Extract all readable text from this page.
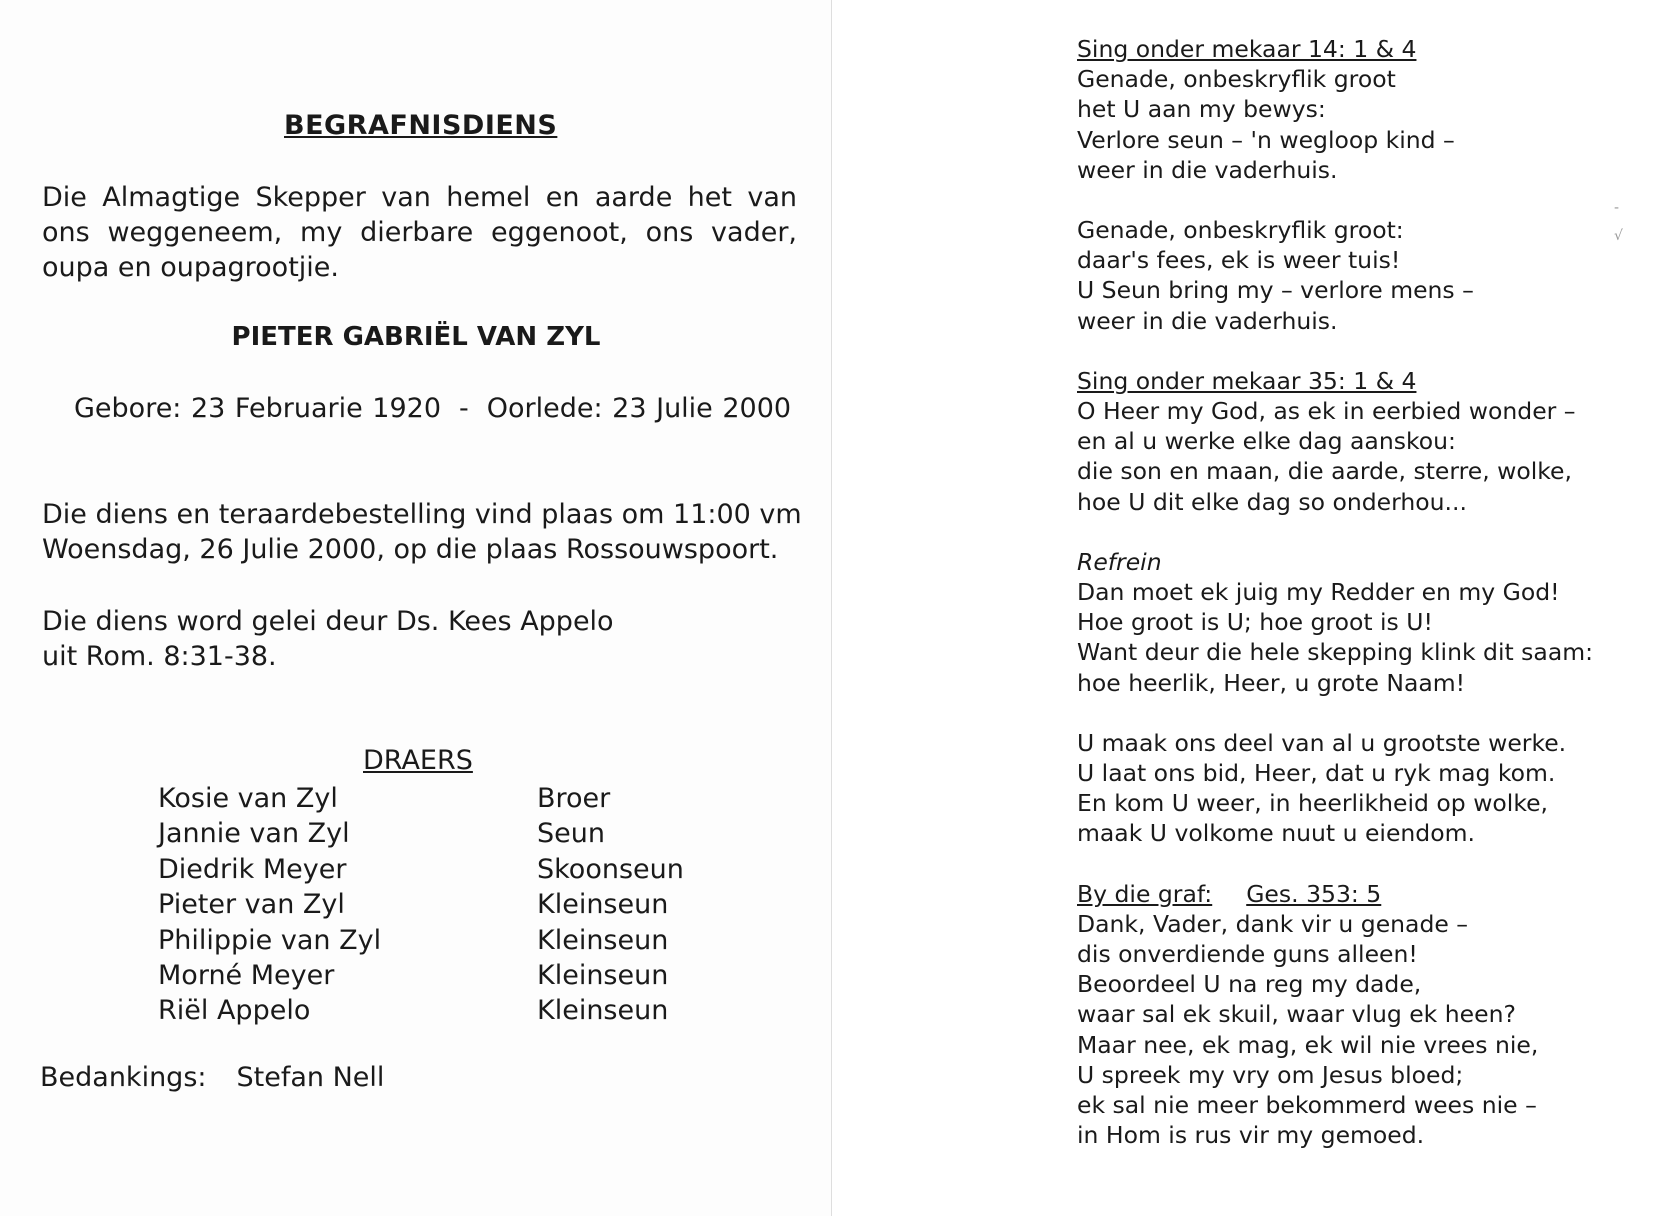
BEGRAFNISDIENS
Die Almagtige Skepper van hemel en aarde het van ons weggeneem, my dierbare eggenoot, ons vader, oupa en oupagrootjie.
PIETER GABRIËL VAN ZYL
Gebore: 23 Februarie 1920 - Oorlede: 23 Julie 2000
Die diens en teraardebestelling vind plaas om 11:00 vm
Woensdag, 26 Julie 2000, op die plaas Rossouwspoort.
Die diens word gelei deur Ds. Kees Appelo
uit Rom. 8:31-38.
DRAERS
Kosie van Zyl	Broer
Jannie van Zyl	Seun
Diedrik Meyer	Skoonseun
Pieter van Zyl	Kleinseun
Philippie van Zyl	Kleinseun
Morné Meyer	Kleinseun
Riël Appelo	Kleinseun
Bedankings: Stefan Nell
-
√
Sing onder mekaar 14: 1 & 4
Genade, onbeskryflik groot
het U aan my bewys:
Verlore seun – 'n wegloop kind –
weer in die vaderhuis.
Genade, onbeskryflik groot:
daar's fees, ek is weer tuis!
U Seun bring my – verlore mens –
weer in die vaderhuis.
Sing onder mekaar 35: 1 & 4
O Heer my God, as ek in eerbied wonder –
en al u werke elke dag aanskou:
die son en maan, die aarde, sterre, wolke,
hoe U dit elke dag so onderhou...
Refrein
Dan moet ek juig my Redder en my God!
Hoe groot is U; hoe groot is U!
Want deur die hele skepping klink dit saam:
hoe heerlik, Heer, u grote Naam!
U maak ons deel van al u grootste werke.
U laat ons bid, Heer, dat u ryk mag kom.
En kom U weer, in heerlikheid op wolke,
maak U volkome nuut u eiendom.
By die graf: Ges. 353: 5
Dank, Vader, dank vir u genade –
dis onverdiende guns alleen!
Beoordeel U na reg my dade,
waar sal ek skuil, waar vlug ek heen?
Maar nee, ek mag, ek wil nie vrees nie,
U spreek my vry om Jesus bloed;
ek sal nie meer bekommerd wees nie –
in Hom is rus vir my gemoed.
